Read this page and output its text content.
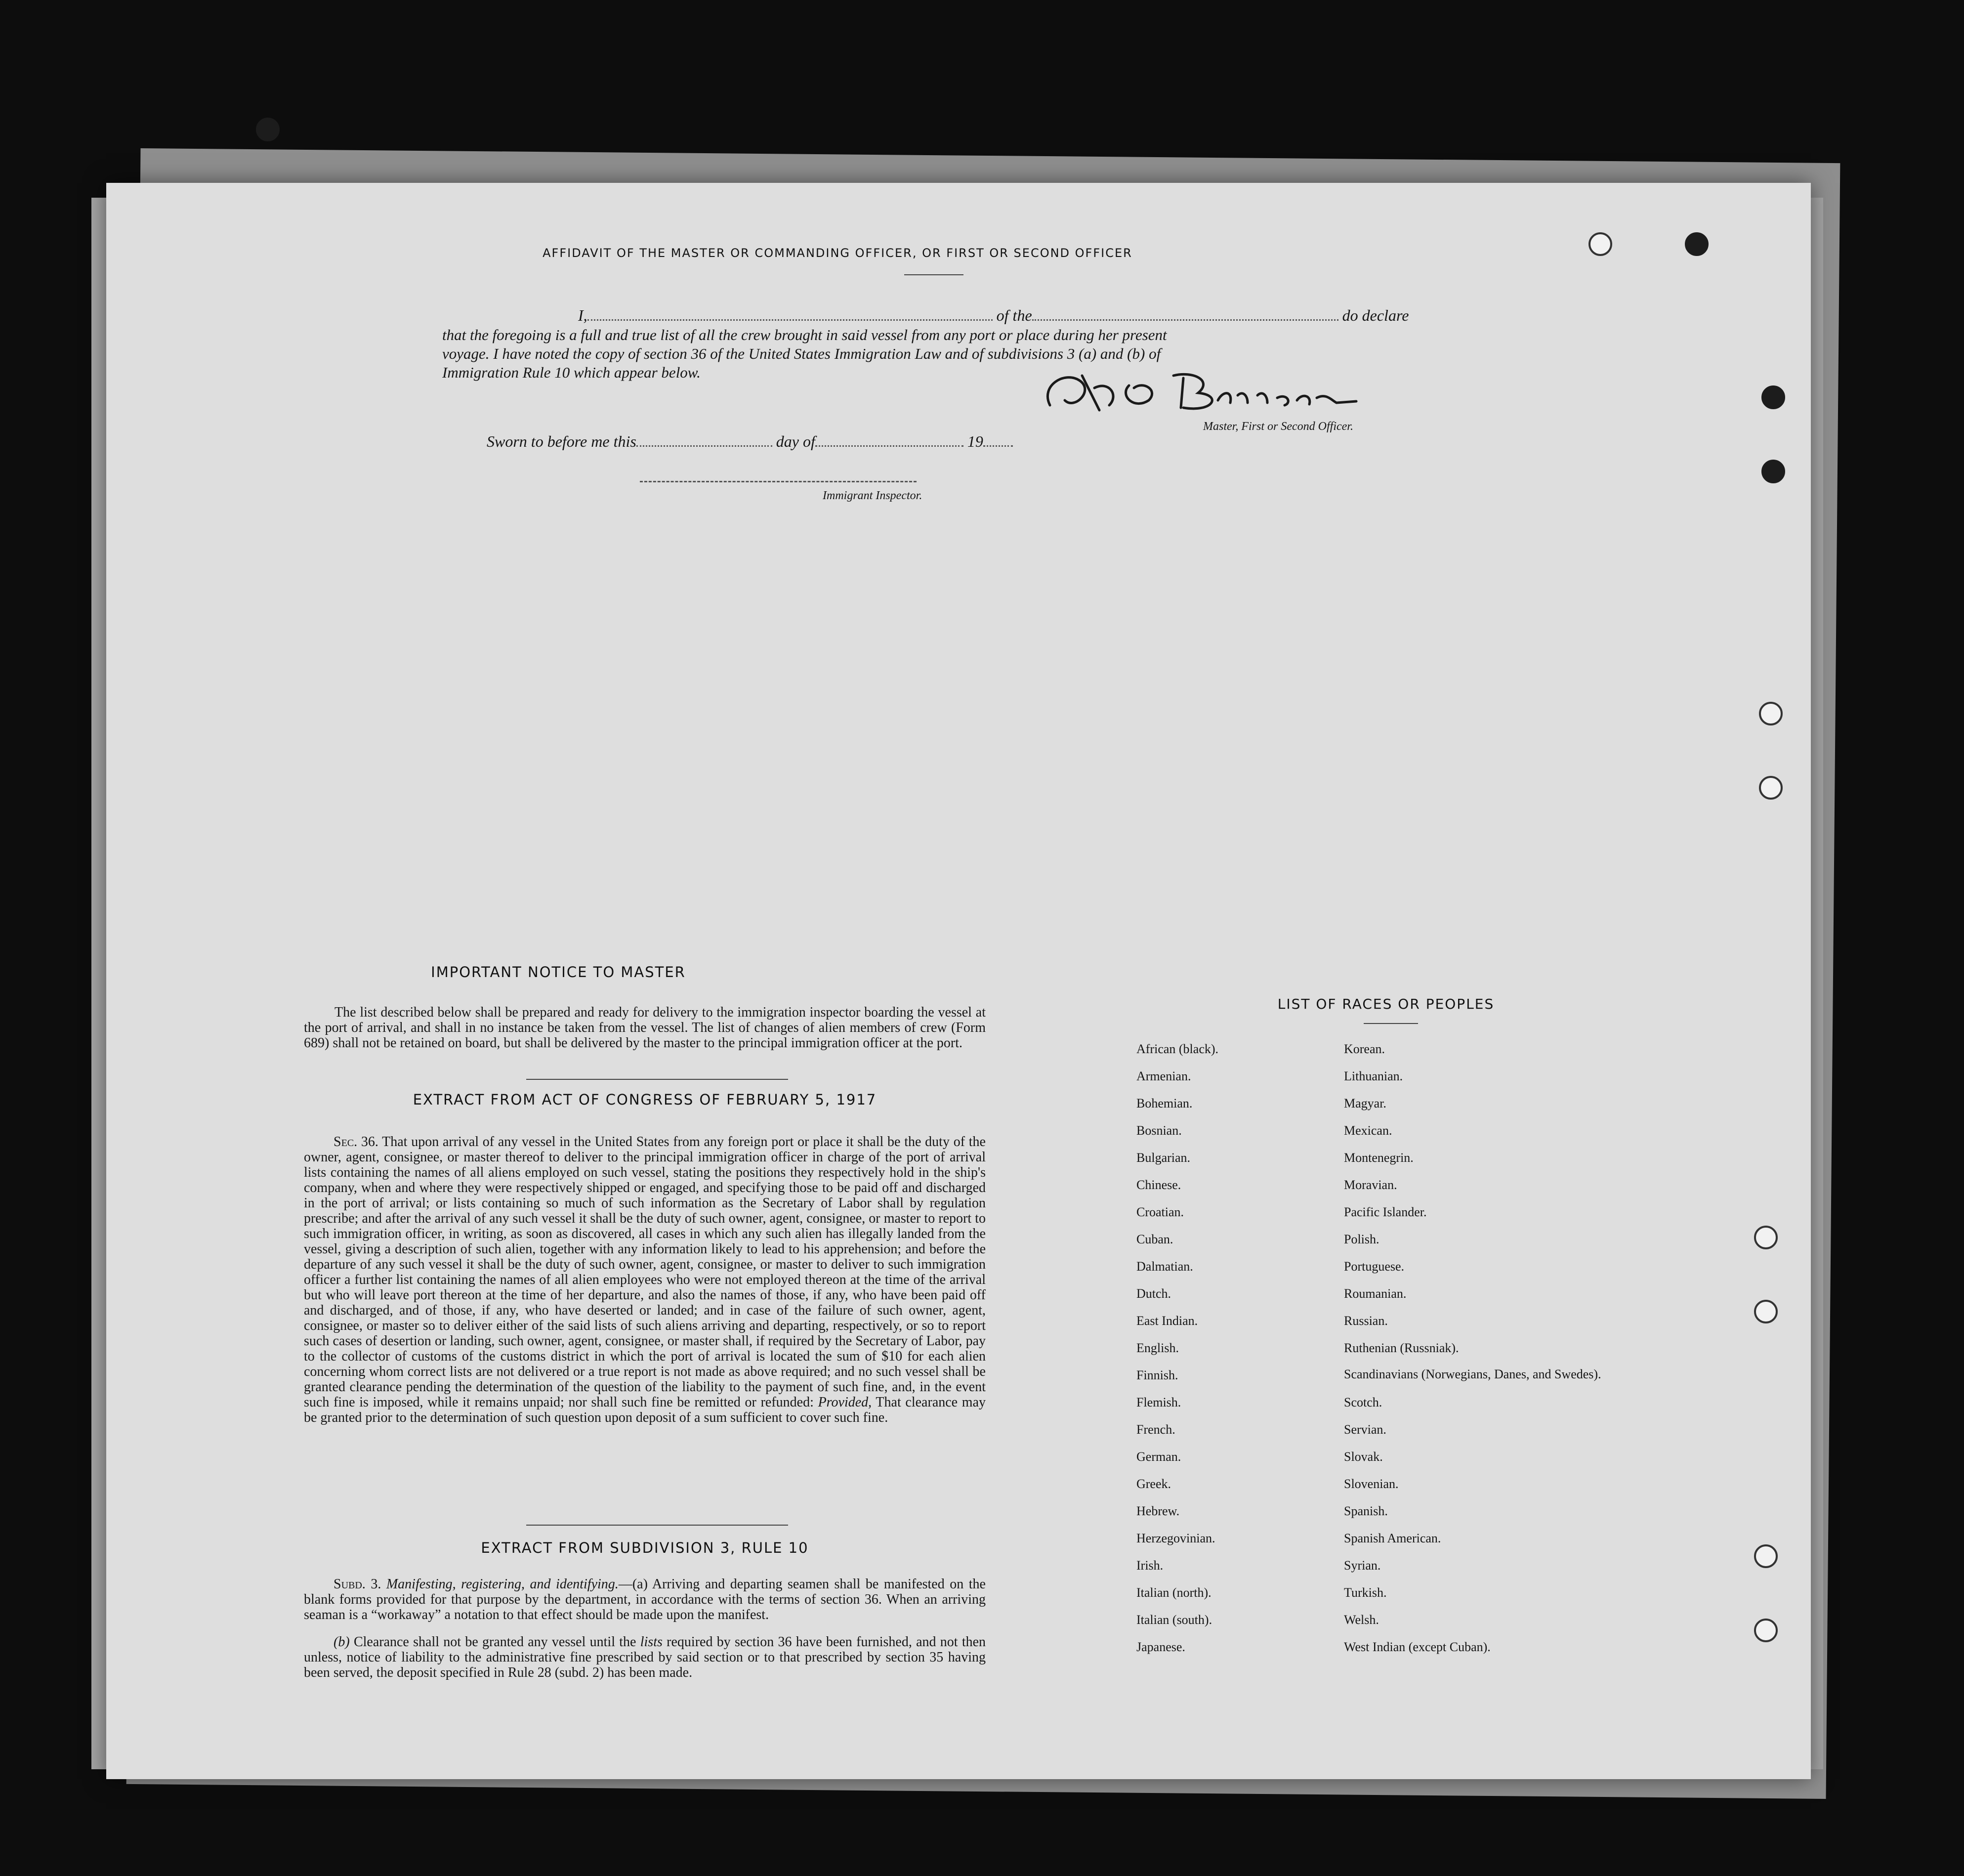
AFFIDAVIT OF THE MASTER OR COMMANDING OFFICER, OR FIRST OR SECOND OFFICER
I,	of the	do declare
that the foregoing is a full and true list of all the crew brought in said vessel from any port or place during her present
voyage. I have noted the copy of section 36 of the United States Immigration Law and of subdivisions 3 (a) and (b) of
Immigration Rule 10 which appear below.
Master, First or Second Officer.
Sworn to before me this	day of	19
Immigrant Inspector.
IMPORTANT NOTICE TO MASTER
The list described below shall be prepared and ready for delivery to the immigration inspector boarding the vessel at the port of arrival, and shall in no instance be taken from the vessel. The list of changes of alien members of crew (Form 689) shall not be retained on board, but shall be delivered by the master to the principal immigration officer at the port.
EXTRACT FROM ACT OF CONGRESS OF FEBRUARY 5, 1917
Sec. 36. That upon arrival of any vessel in the United States from any foreign port or place it shall be the duty of the owner, agent, consignee, or master thereof to deliver to the principal immigration officer in charge of the port of arrival lists containing the names of all aliens employed on such vessel, stating the positions they respectively hold in the ship's company, when and where they were respectively shipped or engaged, and specifying those to be paid off and discharged in the port of arrival; or lists containing so much of such information as the Secretary of Labor shall by regulation prescribe; and after the arrival of any such vessel it shall be the duty of such owner, agent, consignee, or master to report to such immigration officer, in writing, as soon as discovered, all cases in which any such alien has illegally landed from the vessel, giving a description of such alien, together with any information likely to lead to his apprehension; and before the departure of any such vessel it shall be the duty of such owner, agent, consignee, or master to deliver to such immigration officer a further list containing the names of all alien employees who were not employed thereon at the time of the arrival but who will leave port thereon at the time of her departure, and also the names of those, if any, who have been paid off and discharged, and of those, if any, who have deserted or landed; and in case of the failure of such owner, agent, consignee, or master so to deliver either of the said lists of such aliens arriving and departing, respectively, or so to report such cases of desertion or landing, such owner, agent, consignee, or master shall, if required by the Secretary of Labor, pay to the collector of customs of the customs district in which the port of arrival is located the sum of $10 for each alien concerning whom correct lists are not delivered or a true report is not made as above required; and no such vessel shall be granted clearance pending the determination of the question of the liability to the payment of such fine, and, in the event such fine is imposed, while it remains unpaid; nor shall such fine be remitted or refunded: Provided, That clearance may be granted prior to the determination of such question upon deposit of a sum sufficient to cover such fine.
EXTRACT FROM SUBDIVISION 3, RULE 10
Subd. 3. Manifesting, registering, and identifying.—(a) Arriving and departing seamen shall be manifested on the blank forms provided for that purpose by the department, in accordance with the terms of section 36. When an arriving seaman is a “workaway” a notation to that effect should be made upon the manifest.
(b) Clearance shall not be granted any vessel until the lists required by section 36 have been furnished, and not then unless, notice of liability to the administrative fine prescribed by said section or to that prescribed by section 35 having been served, the deposit specified in Rule 28 (subd. 2) has been made.
LIST OF RACES OR PEOPLES
African (black).
Armenian.
Bohemian.
Bosnian.
Bulgarian.
Chinese.
Croatian.
Cuban.
Dalmatian.
Dutch.
East Indian.
English.
Finnish.
Flemish.
French.
German.
Greek.
Hebrew.
Herzegovinian.
Irish.
Italian (north).
Italian (south).
Japanese.
Korean.
Lithuanian.
Magyar.
Mexican.
Montenegrin.
Moravian.
Pacific Islander.
Polish.
Portuguese.
Roumanian.
Russian.
Ruthenian (Russniak).
Scandinavians (Norwegians, Danes, and Swedes).
Scotch.
Servian.
Slovak.
Slovenian.
Spanish.
Spanish American.
Syrian.
Turkish.
Welsh.
West Indian (except Cuban).
